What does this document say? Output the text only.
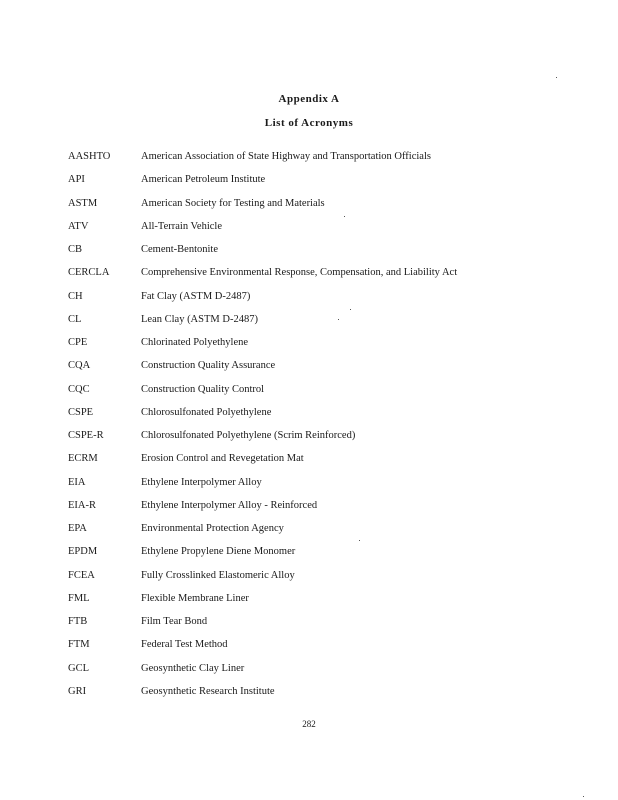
Appendix A
List of Acronyms
AASHTO	American Association of State Highway and Transportation Officials
API	American Petroleum Institute
ASTM	American Society for Testing and Materials
ATV	All-Terrain Vehicle
CB	Cement-Bentonite
CERCLA	Comprehensive Environmental Response, Compensation, and Liability Act
CH	Fat Clay (ASTM D-2487)
CL	Lean Clay (ASTM D-2487)
CPE	Chlorinated Polyethylene
CQA	Construction Quality Assurance
CQC	Construction Quality Control
CSPE	Chlorosulfonated Polyethylene
CSPE-R	Chlorosulfonated Polyethylene (Scrim Reinforced)
ECRM	Erosion Control and Revegetation Mat
EIA	Ethylene Interpolymer Alloy
EIA-R	Ethylene Interpolymer Alloy - Reinforced
EPA	Environmental Protection Agency
EPDM	Ethylene Propylene Diene Monomer
FCEA	Fully Crosslinked Elastomeric Alloy
FML	Flexible Membrane Liner
FTB	Film Tear Bond
FTM	Federal Test Method
GCL	Geosynthetic Clay Liner
GRI	Geosynthetic Research Institute
282
